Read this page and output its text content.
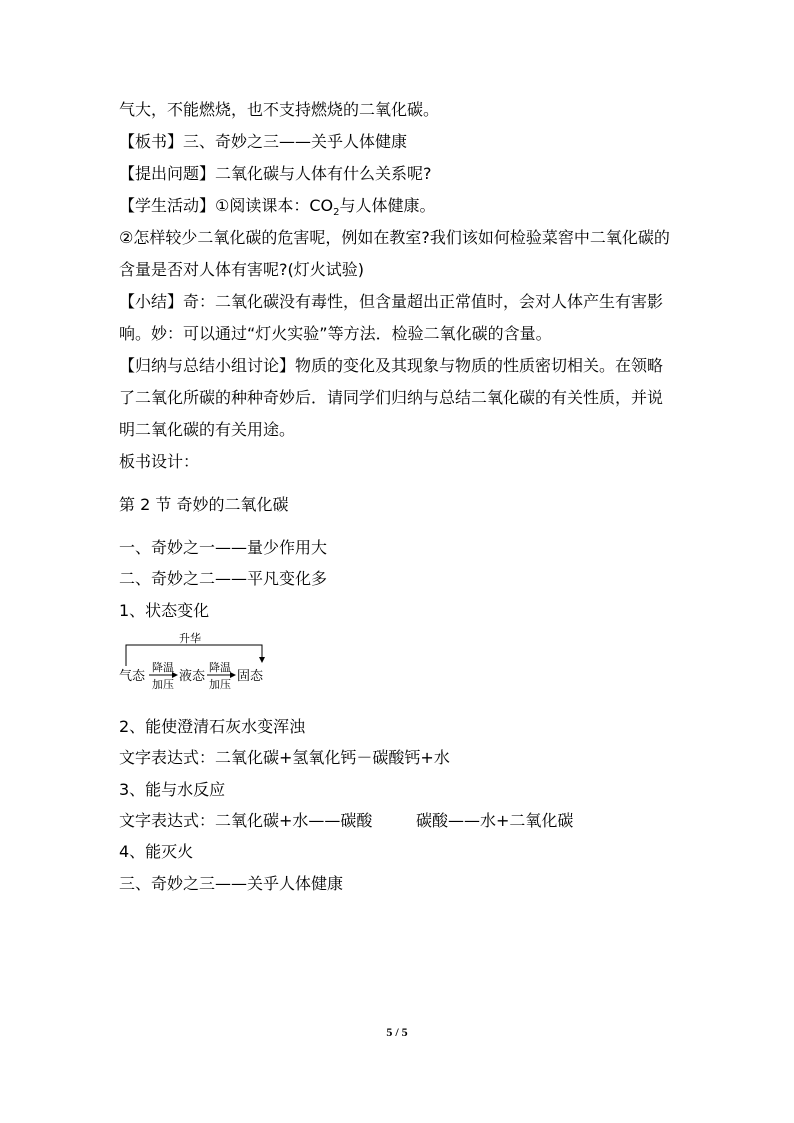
气大，不能燃烧，也不支持燃烧的二氧化碳。
【板书】三、奇妙之三——关乎人体健康
【提出问题】二氧化碳与人体有什么关系呢?
【学生活动】①阅读课本：$CO_2$与人体健康。
②怎样较少二氧化碳的危害呢，例如在教室?我们该如何检验菜窖中二氧化碳的
含量是否对人体有害呢?(灯火试验)
【小结】奇：二氧化碳没有毒性，但含量超出正常值时，会对人体产生有害影
响。妙：可以通过“灯火实验”等方法．检验二氧化碳的含量。
【归纳与总结小组讨论】物质的变化及其现象与物质的性质密切相关。在领略
了二氧化所碳的种种奇妙后．请同学们归纳与总结二氧化碳的有关性质，并说
明二氧化碳的有关用途。
板书设计：
第 2 节 奇妙的二氧化碳
一、奇妙之一——量少作用大
二、奇妙之二——平凡变化多
1、状态变化
升华
气态
降温
加压
液态
降温
加压
固态
2、能使澄清石灰水变浑浊
文字表达式：二氧化碳+氢氧化钙－碳酸钙+水
3、能与水反应
文字表达式：二氧化碳+水——碳酸	碳酸——水+二氧化碳
4、能灭火
三、奇妙之三——关乎人体健康
5 / 5
